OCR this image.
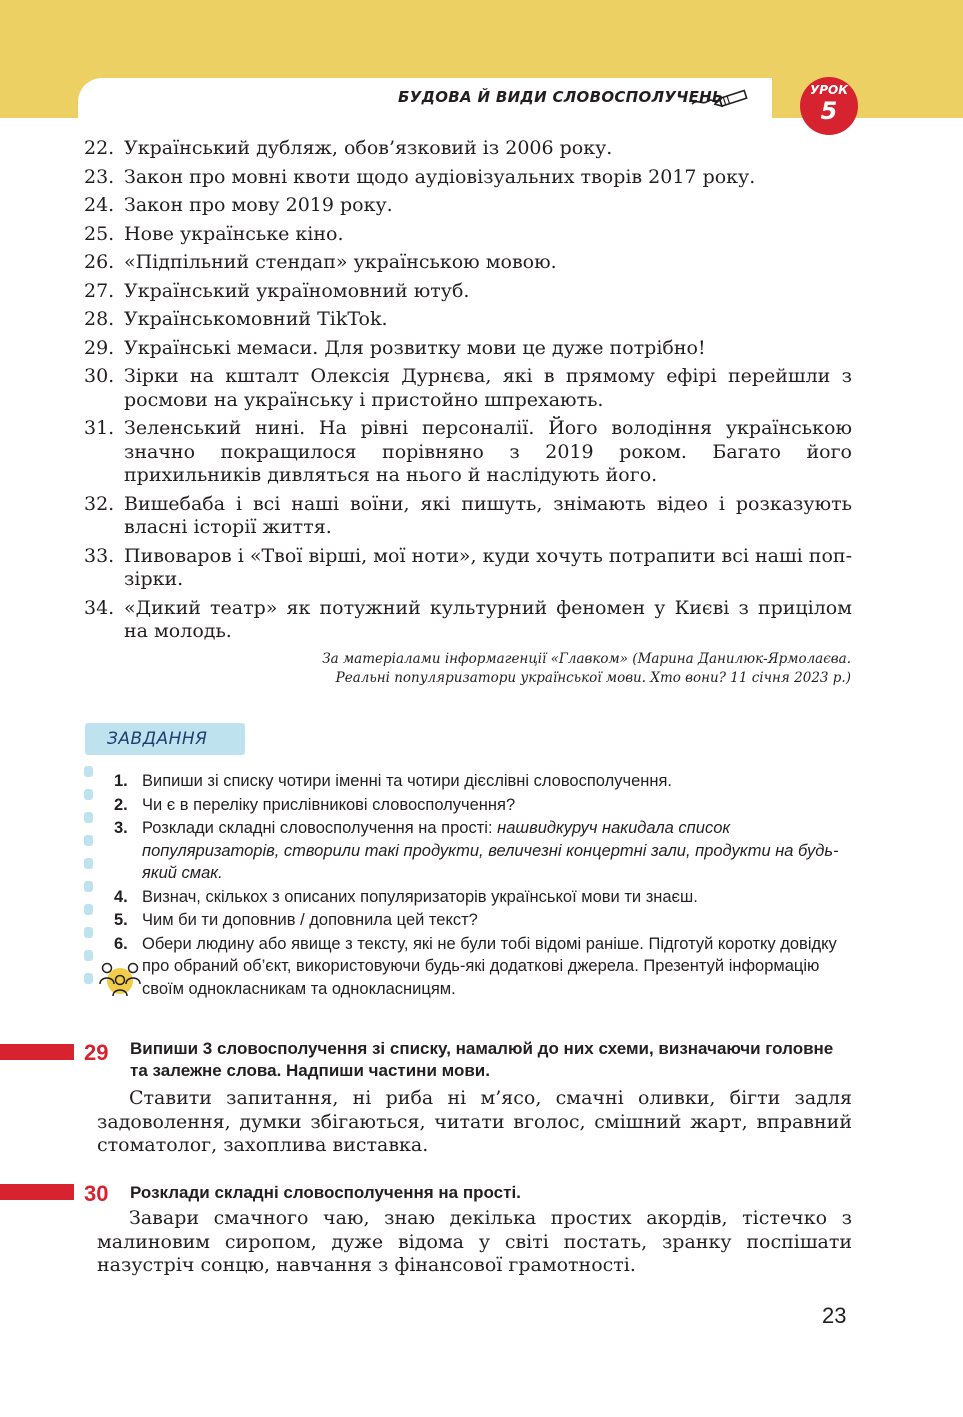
БУДОВА Й ВИДИ СЛОВОСПОЛУЧЕНЬ	УРОК
5
22. Український дубляж, обов’язковий із 2006 року.
23. Закон про мовні квоти щодо аудіовізуальних творів 2017 року.
24. Закон про мову 2019 року.
25. Нове українське кіно.
26. «Підпільний стендап» українською мовою.
27. Український україномовний ютуб.
28. Українськомовний TikTok.
29. Українські мемаси. Для розвитку мови це дуже потрібно!
30. Зірки на кшталт Олексія Дурнєва, які в прямому ефірі перейшли з росмови на українську і пристойно шпрехають.
31. Зеленський нині. На рівні персоналії. Його володіння українською значно покращилося порівняно з 2019 роком. Багато його прихильників дивляться на нього й наслідують його.
32. Вишебаба і всі наші воїни, які пишуть, знімають відео і розказують власні історії життя.
33. Пивоваров і «Твої вірші, мої ноти», куди хочуть потрапити всі наші поп-зірки.
34. «Дикий театр» як потужний культурний феномен у Києві з прицілом на молодь.
За матеріалами інформагенції «Главком» (Марина Данилюк-Ярмолаєва.
Реальні популяризатори української мови. Хто вони? 11 січня 2023 р.)
ЗАВДАННЯ
1. Випиши зі списку чотири іменні та чотири дієслівні словосполучення.
2. Чи є в переліку прислівникові словосполучення?
3. Розклади складні словосполучення на прості: нашвидкуруч накидала список популяризаторів, створили такі продукти, величезні концертні зали, продукти на будь-який смак.
4. Визнач, скількох з описаних популяризаторів української мови ти знаєш.
5. Чим би ти доповнив / доповнила цей текст?
6. Обери людину або явище з тексту, які не були тобі відомі раніше. Підготуй коротку довідку про обраний об’єкт, використовуючи будь-які додаткові джерела. Презентуй інформацію своїм однокласникам та однокласницям.
29 Випиши 3 словосполучення зі списку, намалюй до них схеми, визначаючи головне та залежне слова. Надпиши частини мови.
Ставити запитання, ні риба ні м’ясо, смачні оливки, бігти задля задоволення, думки збігаються, читати вголос, смішний жарт, вправний стоматолог, захоплива виставка.
30 Розклади складні словосполучення на прості.
Завари смачного чаю, знаю декілька простих акордів, тістечко з малиновим сиропом, дуже відома у світі постать, зранку поспішати назустріч сонцю, навчання з фінансової грамотності.
23
